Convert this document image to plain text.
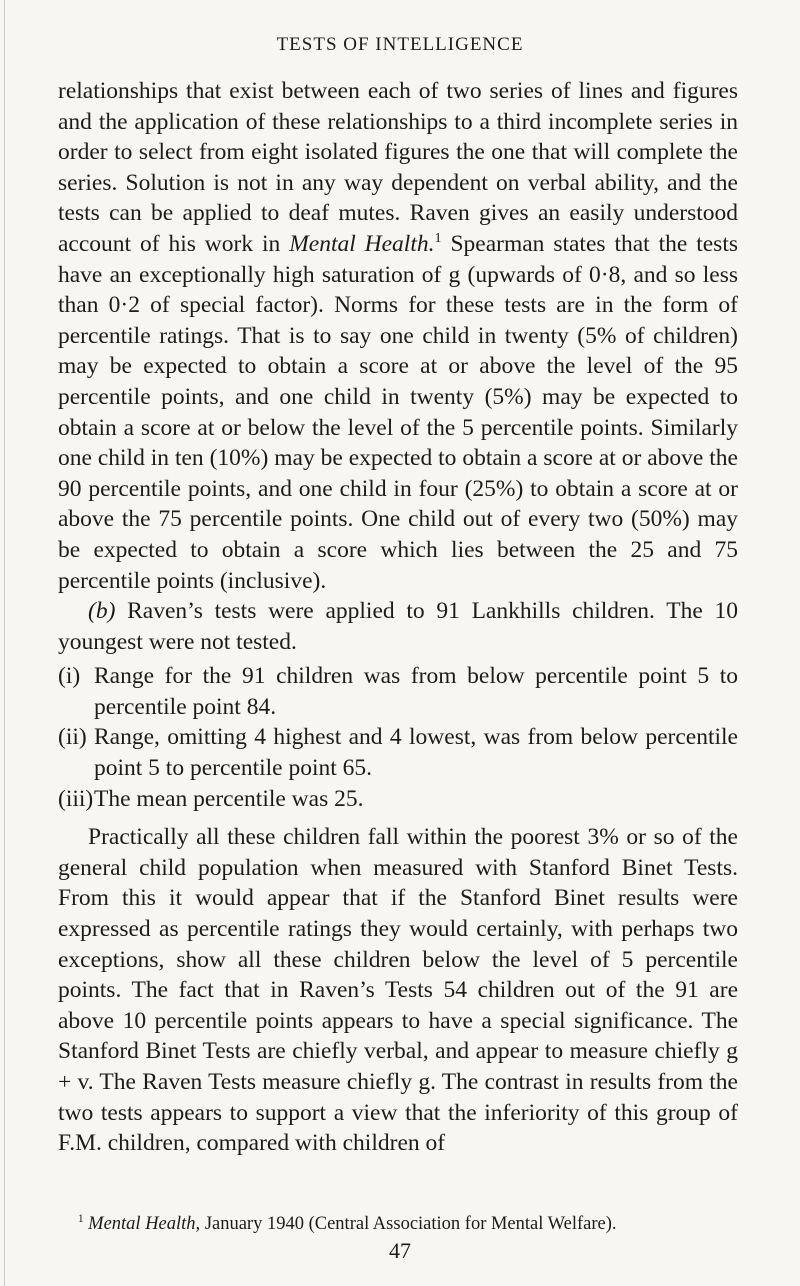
TESTS OF INTELLIGENCE

relationships that exist between each of two series of lines and figures and the application of these relationships to a third incomplete series in order to select from eight isolated figures the one that will complete the series. Solution is not in any way dependent on verbal ability, and the tests can be applied to deaf mutes. Raven gives an easily understood account of his work in Mental Health.$^1$ Spearman states that the tests have an exceptionally high saturation of g (upwards of 0·8, and so less than 0·2 of special factor). Norms for these tests are in the form of percentile ratings. That is to say one child in twenty (5% of children) may be expected to obtain a score at or above the level of the 95 percentile points, and one child in twenty (5%) may be expected to obtain a score at or below the level of the 5 percentile points. Similarly one child in ten (10%) may be expected to obtain a score at or above the 90 percentile points, and one child in four (25%) to obtain a score at or above the 75 percentile points. One child out of every two (50%) may be expected to obtain a score which lies between the 25 and 75 percentile points (inclusive).

(b) Raven’s tests were applied to 91 Lankhills children. The 10 youngest were not tested.

(i) Range for the 91 children was from below percentile point 5 to percentile point 84.
(ii) Range, omitting 4 highest and 4 lowest, was from below percentile point 5 to percentile point 65.
(iii) The mean percentile was 25.

Practically all these children fall within the poorest 3% or so of the general child population when measured with Stanford Binet Tests. From this it would appear that if the Stanford Binet results were expressed as percentile ratings they would certainly, with perhaps two exceptions, show all these children below the level of 5 percentile points. The fact that in Raven’s Tests 54 children out of the 91 are above 10 percentile points appears to have a special significance. The Stanford Binet Tests are chiefly verbal, and appear to measure chiefly g + v. The Raven Tests measure chiefly g. The contrast in results from the two tests appears to support a view that the inferiority of this group of F.M. children, compared with children of

$^1$ Mental Health, January 1940 (Central Association for Mental Welfare).
47
